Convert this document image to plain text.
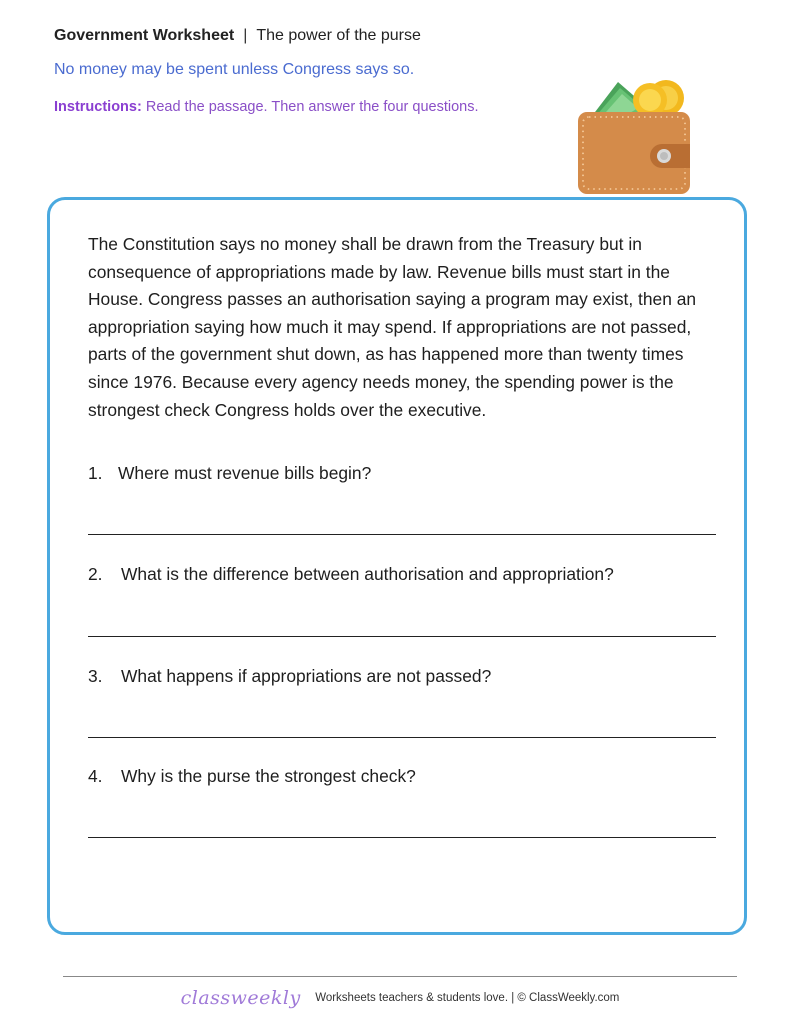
Government Worksheet | The power of the purse
No money may be spent unless Congress says so.
Instructions: Read the passage. Then answer the four questions.
The Constitution says no money shall be drawn from the Treasury but in consequence of appropriations made by law. Revenue bills must start in the House. Congress passes an authorisation saying a program may exist, then an appropriation saying how much it may spend. If appropriations are not passed, parts of the government shut down, as has happened more than twenty times since 1976. Because every agency needs money, the spending power is the strongest check Congress holds over the executive.
1. Where must revenue bills begin?
2. What is the difference between authorisation and appropriation?
3. What happens if appropriations are not passed?
4. Why is the purse the strongest check?
classweekly Worksheets teachers & students love. | © ClassWeekly.com
